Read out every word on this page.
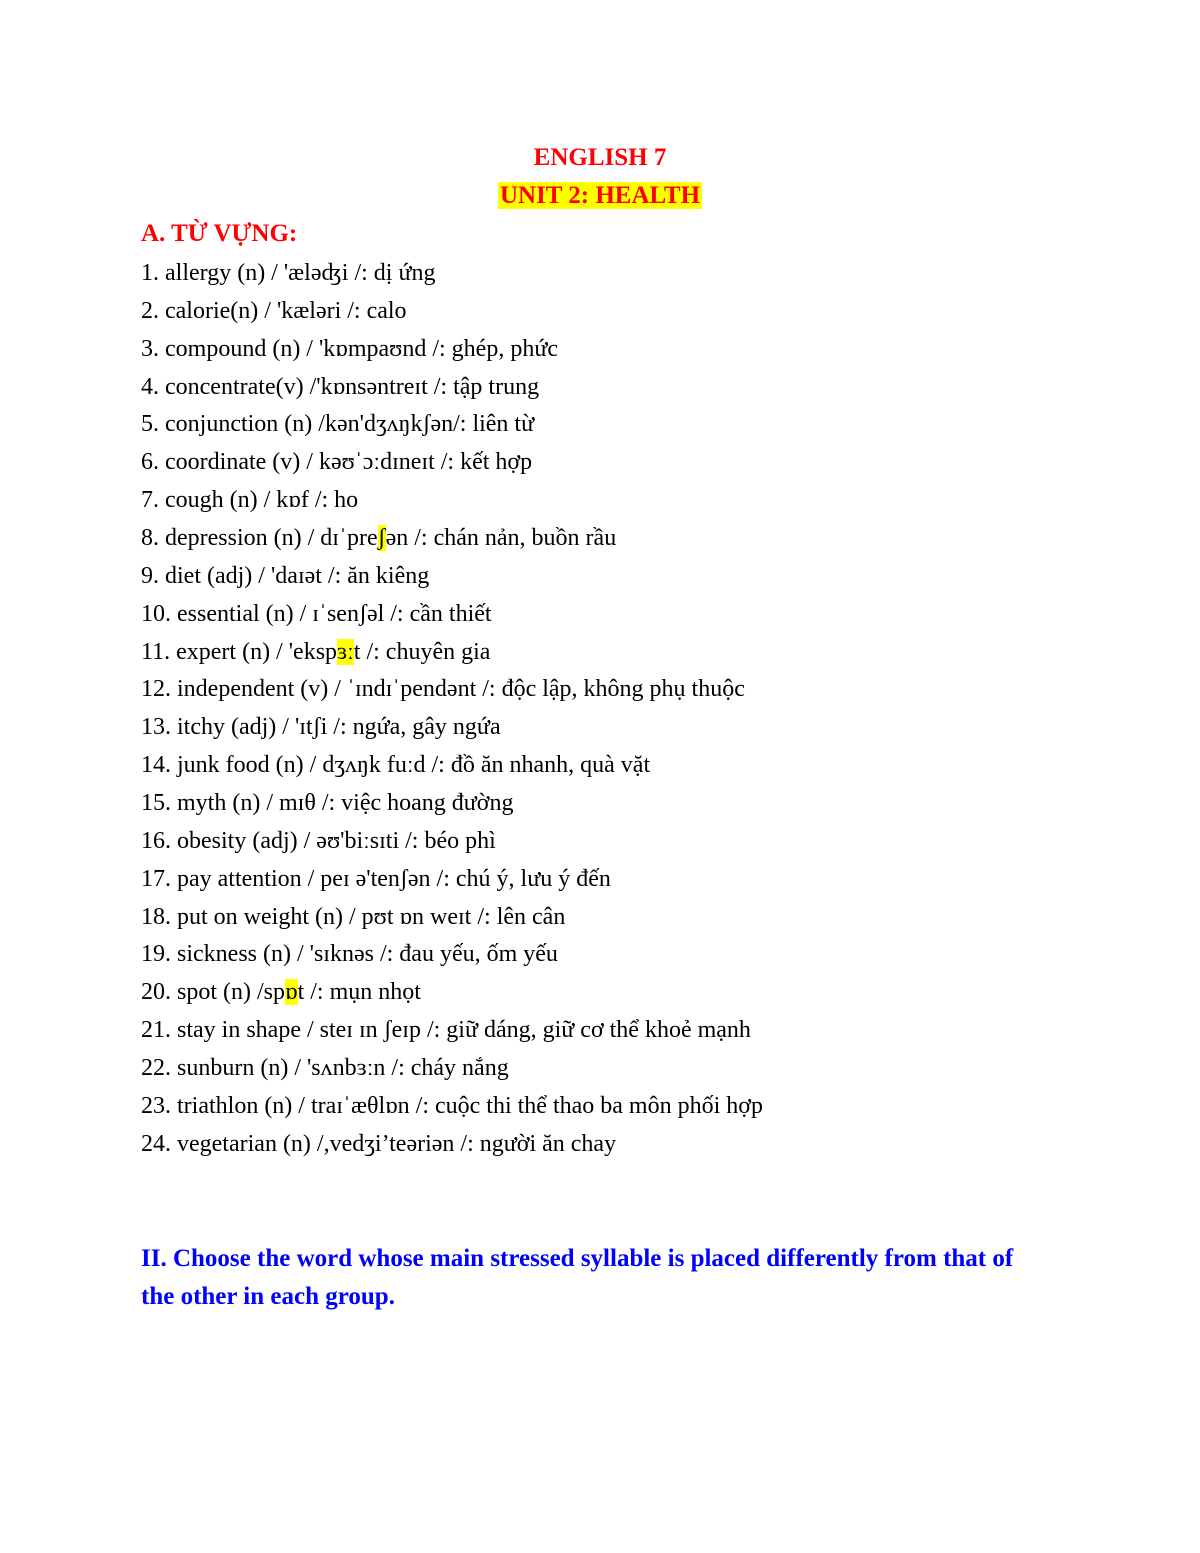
ENGLISH 7
UNIT 2: HEALTH
A. TỪ VỰNG:
1. allergy (n) / 'æləʤi /: dị ứng
2. calorie(n) / 'kæləri /: calo
3. compound (n) / 'kɒmpaʊnd /: ghép, phức
4. concentrate(v) /'kɒnsəntreɪt /: tập trung
5. conjunction (n) /kən'dʒʌŋkʃən/: liên từ
6. coordinate (v) / kəʊˈɔːdɪneɪt /: kết hợp
7. cough (n) / kɒf /: ho
8. depression (n) / dɪˈpreʃən /: chán nản, buồn rầu
9. diet (adj) / 'daɪət /: ăn kiêng
10. essential (n) / ɪˈsenʃəl /: cần thiết
11. expert (n) / 'ekspɜːt /: chuyên gia
12. independent (v) / ˈɪndɪˈpendənt /: độc lập, không phụ thuộc
13. itchy (adj) / 'ɪtʃi /: ngứa, gây ngứa
14. junk food (n) / dʒʌŋk fuːd /: đồ ăn nhanh, quà vặt
15. myth (n) / mɪθ /: việc hoang đường
16. obesity (adj) / əʊ'biːsɪti /: béo phì
17. pay attention / peɪ ə'tenʃən /: chú ý, lưu ý đến
18. put on weight (n) / pʊt ɒn weɪt /: lên cân
19. sickness (n) / 'sɪknəs /: đau yếu, ốm yếu
20. spot (n) /spɒt /: mụn nhọt
21. stay in shape / steɪ ɪn ʃeɪp /: giữ dáng, giữ cơ thể khoẻ mạnh
22. sunburn (n) / 'sʌnbɜːn /: cháy nắng
23. triathlon (n) / traɪˈæθlɒn /: cuộc thi thể thao ba môn phối hợp
24. vegetarian (n) /,vedʒi’teəriən /: người ăn chay
II. Choose the word whose main stressed syllable is placed differently from that of the other in each group.
